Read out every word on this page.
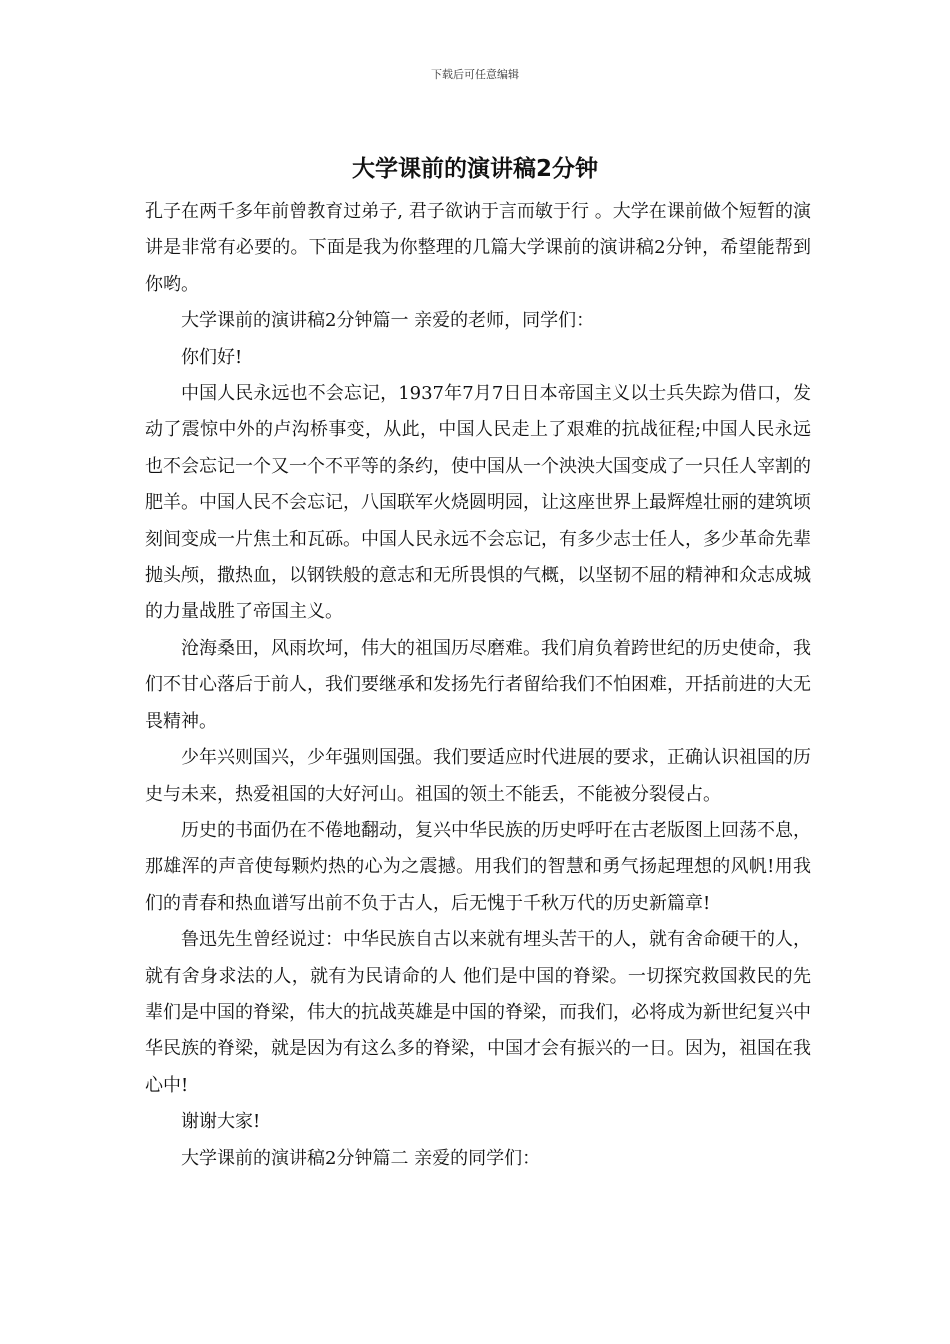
下载后可任意编辑
大学课前的演讲稿2分钟

孔子在两千多年前曾教育过弟子, 君子欲讷于言而敏于行 。大学在课前做个短暂的演讲是非常有必要的。下面是我为你整理的几篇大学课前的演讲稿2分钟，希望能帮到你哟。

大学课前的演讲稿2分钟篇一 亲爱的老师，同学们：

你们好!

中国人民永远也不会忘记，1937年7月7日日本帝国主义以士兵失踪为借口，发动了震惊中外的卢沟桥事变，从此，中国人民走上了艰难的抗战征程;中国人民永远也不会忘记一个又一个不平等的条约，使中国从一个泱泱大国变成了一只任人宰割的肥羊。中国人民不会忘记，八国联军火烧圆明园，让这座世界上最辉煌壮丽的建筑顷刻间变成一片焦土和瓦砾。中国人民永远不会忘记，有多少志士任人，多少革命先辈抛头颅，撒热血，以钢铁般的意志和无所畏惧的气概，以坚韧不屈的精神和众志成城的力量战胜了帝国主义。

沧海桑田，风雨坎坷，伟大的祖国历尽磨难。我们肩负着跨世纪的历史使命，我们不甘心落后于前人，我们要继承和发扬先行者留给我们不怕困难，开括前进的大无畏精神。

少年兴则国兴，少年强则国强。我们要适应时代进展的要求，正确认识祖国的历史与未来，热爱祖国的大好河山。祖国的领土不能丢，不能被分裂侵占。

历史的书面仍在不倦地翻动，复兴中华民族的历史呼吁在古老版图上回荡不息，那雄浑的声音使每颗灼热的心为之震撼。用我们的智慧和勇气扬起理想的风帆!用我们的青春和热血谱写出前不负于古人，后无愧于千秋万代的历史新篇章!

鲁迅先生曾经说过：中华民族自古以来就有埋头苦干的人，就有舍命硬干的人，就有舍身求法的人，就有为民请命的人 他们是中国的脊梁。一切探究救国救民的先辈们是中国的脊梁，伟大的抗战英雄是中国的脊梁，而我们，必将成为新世纪复兴中华民族的脊梁，就是因为有这么多的脊梁，中国才会有振兴的一日。因为，祖国在我心中!

谢谢大家!

大学课前的演讲稿2分钟篇二 亲爱的同学们：
